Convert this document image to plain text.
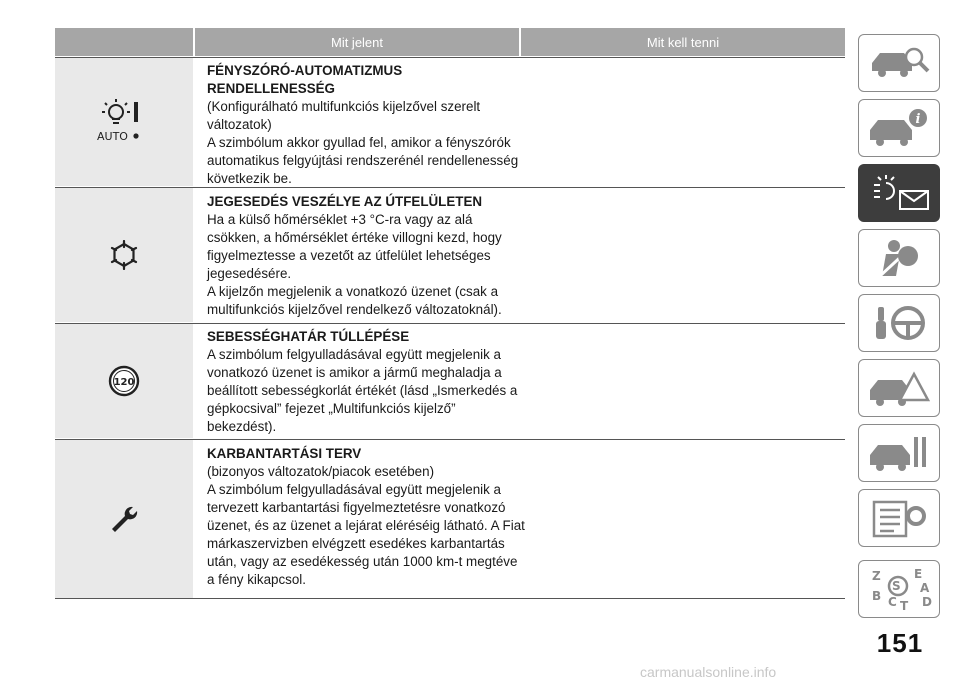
Mit jelent	Mit kell tenni
AUTO
FÉNYSZÓRÓ-AUTOMATIZMUS RENDELLENESSÉG
(Konfigurálható multifunkciós kijelzővel szerelt változatok)
A szimbólum akkor gyullad fel, amikor a fényszórók automatikus felgyújtási rendszerénél rendellenesség következik be.
JEGESEDÉS VESZÉLYE AZ ÚTFELÜLETEN
Ha a külső hőmérséklet +3 °C-ra vagy az alá csökken, a hőmérséklet értéke villogni kezd, hogy figyelmeztesse a vezetőt az útfelület lehetséges jegesedésére.
A kijelzőn megjelenik a vonatkozó üzenet (csak a multifunkciós kijelzővel rendelkező változatoknál).
120
SEBESSÉGHATÁR TÚLLÉPÉSE
A szimbólum felgyulladásával együtt megjelenik a vonatkozó üzenet is amikor a jármű meghaladja a beállított sebességkorlát értékét (lásd „Ismerkedés a gépkocsival” fejezet „Multifunkciós kijelző” bekezdést).
KARBANTARTÁSI TERV
(bizonyos változatok/piacok esetében)
A szimbólum felgyulladásával együtt megjelenik a tervezett karbantartási figyelmeztetésre vonatkozó üzenet, és az üzenet a lejárat eléréséig látható. A Fiat márkaszervizben elvégzett esedékes karbantartás után, vagy az esedékesség után 1000 km-t megtéve a fény kikapcsol.
i
Z	E
S A
B C D
T
151
carmanualsonline.info
